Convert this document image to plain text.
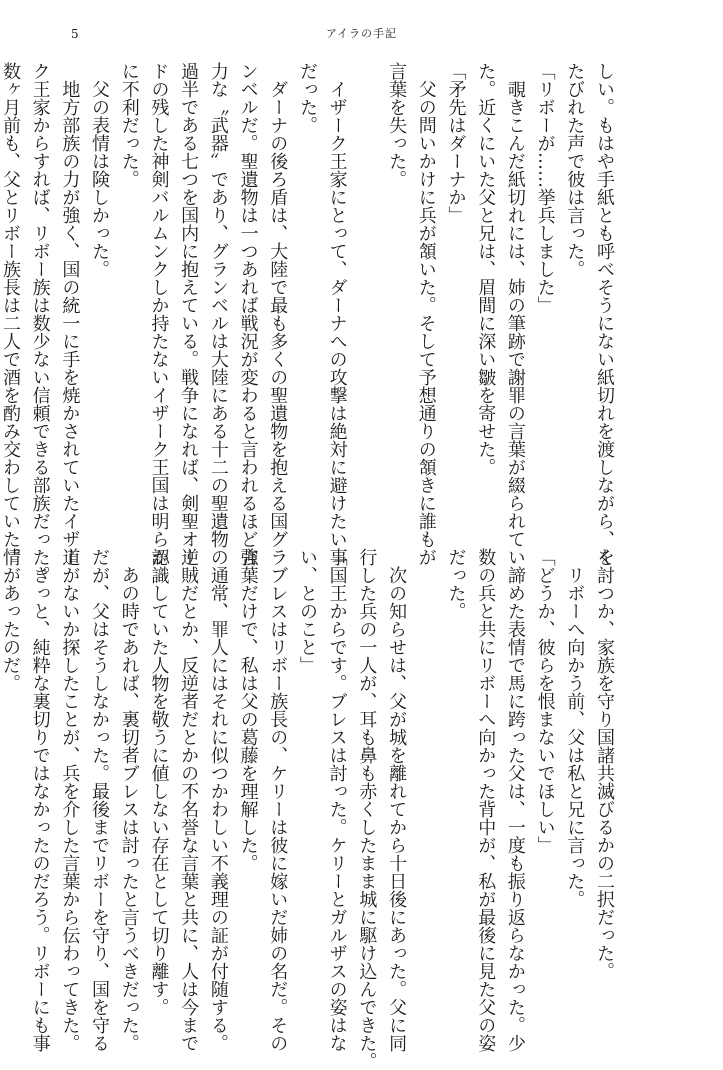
5	アイラの手記
しい。もはや手紙とも呼べそうにない紙切れを渡しながら、く
たびれた声で彼は言った。
「リボーが……挙兵しました」
　覗きこんだ紙切れには、姉の筆跡で謝罪の言葉が綴られてい
た。近くにいた父と兄は、眉間に深い皺を寄せた。
「矛先はダーナか」
　父の問いかけに兵が頷いた。そして予想通りの頷きに誰もが
言葉を失った。

　イザーク王家にとって、ダーナへの攻撃は絶対に避けたい事
だった。
　ダーナの後ろ盾は、大陸で最も多くの聖遺物を抱える国グラ
ンベルだ。聖遺物は一つあれば戦況が変わると言われるほど強
力な〝武器〟であり、グランベルは大陸にある十二の聖遺物の
過半である七つを国内に抱えている。戦争になれば、剣聖オー
ドの残した神剣バルムンクしか持たないイザーク王国は明らか
に不利だった。
　父の表情は険しかった。
　地方部族の力が強く、国の統一に手を焼かされていたイザー
ク王家からすれば、リボー族は数少ない信頼できる部族だった。
数ヶ月前も、父とリボー族長は二人で酒を酌み交わしていた。
を討つか、家族を守り国諸共滅びるかの二択だった。
　リボーへ向かう前、父は私と兄に言った。
「どうか、彼らを恨まないでほしい」
　諦めた表情で馬に跨った父は、一度も振り返らなかった。少
数の兵と共にリボーへ向かった背中が、私が最後に見た父の姿
だった。

　次の知らせは、父が城を離れてから十日後にあった。父に同
行した兵の一人が、耳も鼻も赤くしたまま城に駆け込んできた。
「国王からです。ブレスは討った。ケリーとガルザスの姿はな
い、とのこと」
　ブレスはリボー族長の、ケリーは彼に嫁いだ姉の名だ。その
言葉だけで、私は父の葛藤を理解した。
　通常、罪人にはそれに似つかわしい不義理の証が付随する。
逆賊だとか、反逆者だとかの不名誉な言葉と共に、人は今まで
認識していた人物を敬うに値しない存在として切り離す。
　あの時であれば、裏切者ブレスは討ったと言うべきだった。
だが、父はそうしなかった。最後までリボーを守り、国を守る
道がないか探したことが、兵を介した言葉から伝わってきた。
　きっと、純粋な裏切りではなかったのだろう。リボーにも事
情があったのだ。
